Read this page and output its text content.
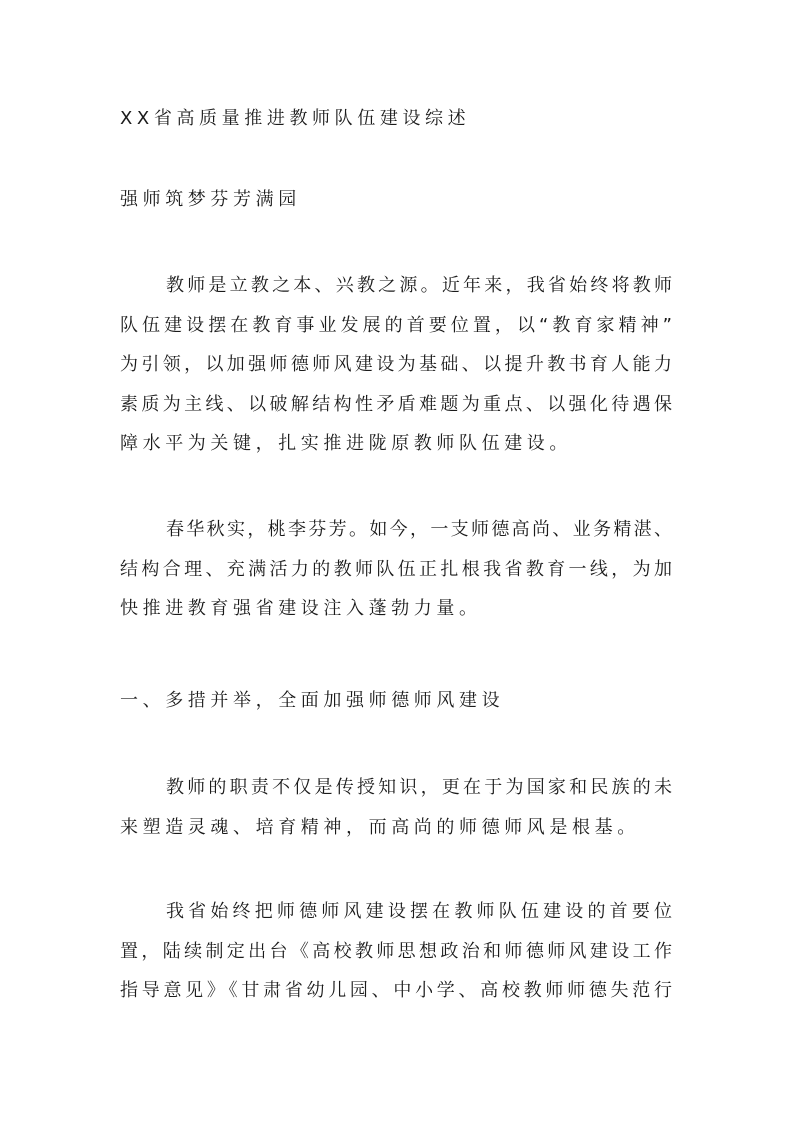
XX省高质量推进教师队伍建设综述
强师筑梦芬芳满园
教师是立教之本、兴教之源。近年来，我省始终将教师
队伍建设摆在教育事业发展的首要位置，以“教育家精神”
为引领，以加强师德师风建设为基础、以提升教书育人能力
素质为主线、以破解结构性矛盾难题为重点、以强化待遇保
障水平为关键，扎实推进陇原教师队伍建设。
春华秋实，桃李芬芳。如今，一支师德高尚、业务精湛、
结构合理、充满活力的教师队伍正扎根我省教育一线，为加
快推进教育强省建设注入蓬勃力量。
一、多措并举，全面加强师德师风建设
教师的职责不仅是传授知识，更在于为国家和民族的未
来塑造灵魂、培育精神，而高尚的师德师风是根基。
我省始终把师德师风建设摆在教师队伍建设的首要位
置，陆续制定出台《高校教师思想政治和师德师风建设工作
指导意见》《甘肃省幼儿园、中小学、高校教师师德失范行
